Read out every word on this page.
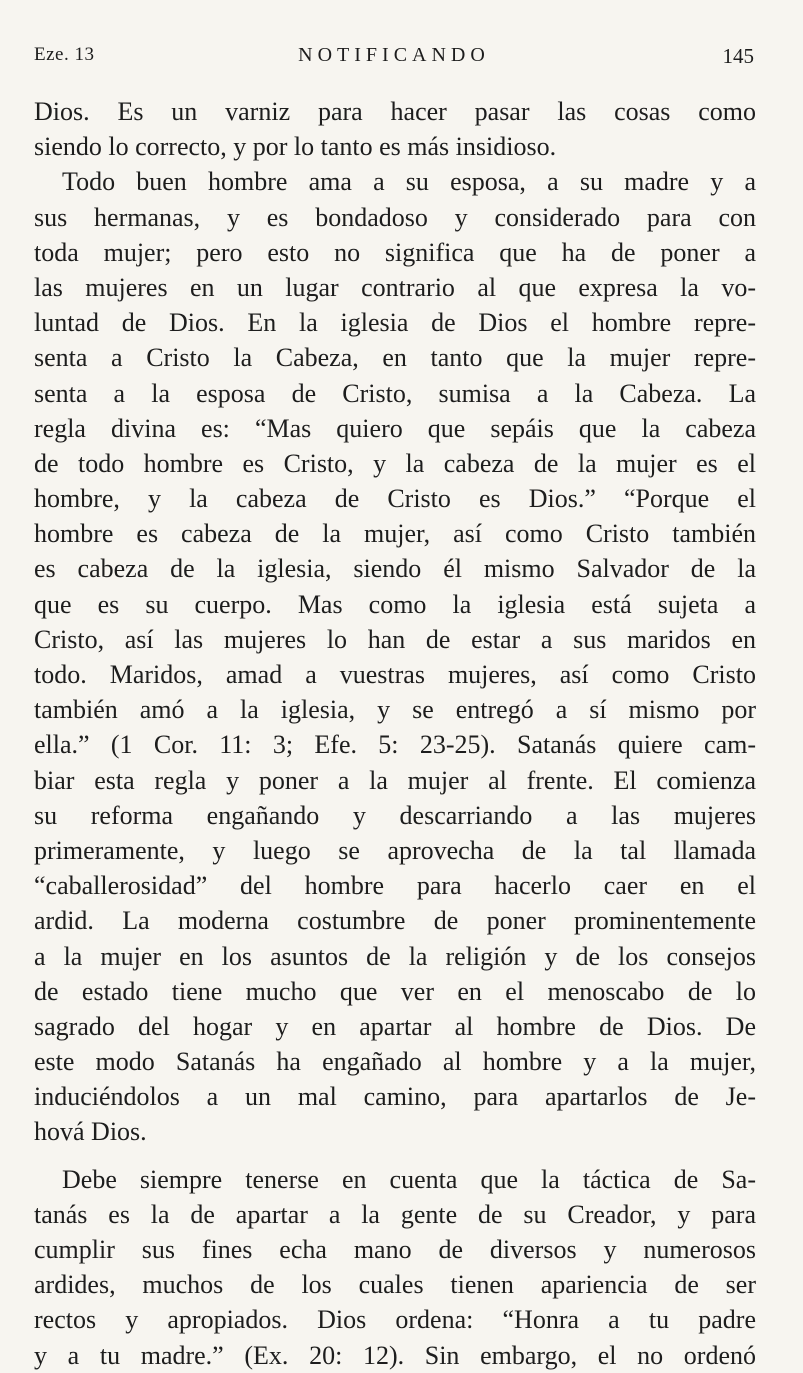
Eze. 13	NOTIFICANDO	145
Dios. Es un varniz para hacer pasar las cosas como
siendo lo correcto, y por lo tanto es más insidioso.
Todo buen hombre ama a su esposa, a su madre y a
sus hermanas, y es bondadoso y considerado para con
toda mujer; pero esto no significa que ha de poner a
las mujeres en un lugar contrario al que expresa la vo-
luntad de Dios. En la iglesia de Dios el hombre repre-
senta a Cristo la Cabeza, en tanto que la mujer repre-
senta a la esposa de Cristo, sumisa a la Cabeza. La
regla divina es: “Mas quiero que sepáis que la cabeza
de todo hombre es Cristo, y la cabeza de la mujer es el
hombre, y la cabeza de Cristo es Dios.” “Porque el
hombre es cabeza de la mujer, así como Cristo también
es cabeza de la iglesia, siendo él mismo Salvador de la
que es su cuerpo. Mas como la iglesia está sujeta a
Cristo, así las mujeres lo han de estar a sus maridos en
todo. Maridos, amad a vuestras mujeres, así como Cristo
también amó a la iglesia, y se entregó a sí mismo por
ella.” (1 Cor. 11: 3; Efe. 5: 23-25). Satanás quiere cam-
biar esta regla y poner a la mujer al frente. El comienza
su reforma engañando y descarriando a las mujeres
primeramente, y luego se aprovecha de la tal llamada
“caballerosidad” del hombre para hacerlo caer en el
ardid. La moderna costumbre de poner prominentemente
a la mujer en los asuntos de la religión y de los consejos
de estado tiene mucho que ver en el menoscabo de lo
sagrado del hogar y en apartar al hombre de Dios. De
este modo Satanás ha engañado al hombre y a la mujer,
induciéndolos a un mal camino, para apartarlos de Je-
hová Dios.
Debe siempre tenerse en cuenta que la táctica de Sa-
tanás es la de apartar a la gente de su Creador, y para
cumplir sus fines echa mano de diversos y numerosos
ardides, muchos de los cuales tienen apariencia de ser
rectos y apropiados. Dios ordena: “Honra a tu padre
y a tu madre.” (Ex. 20: 12). Sin embargo, el no ordenó
